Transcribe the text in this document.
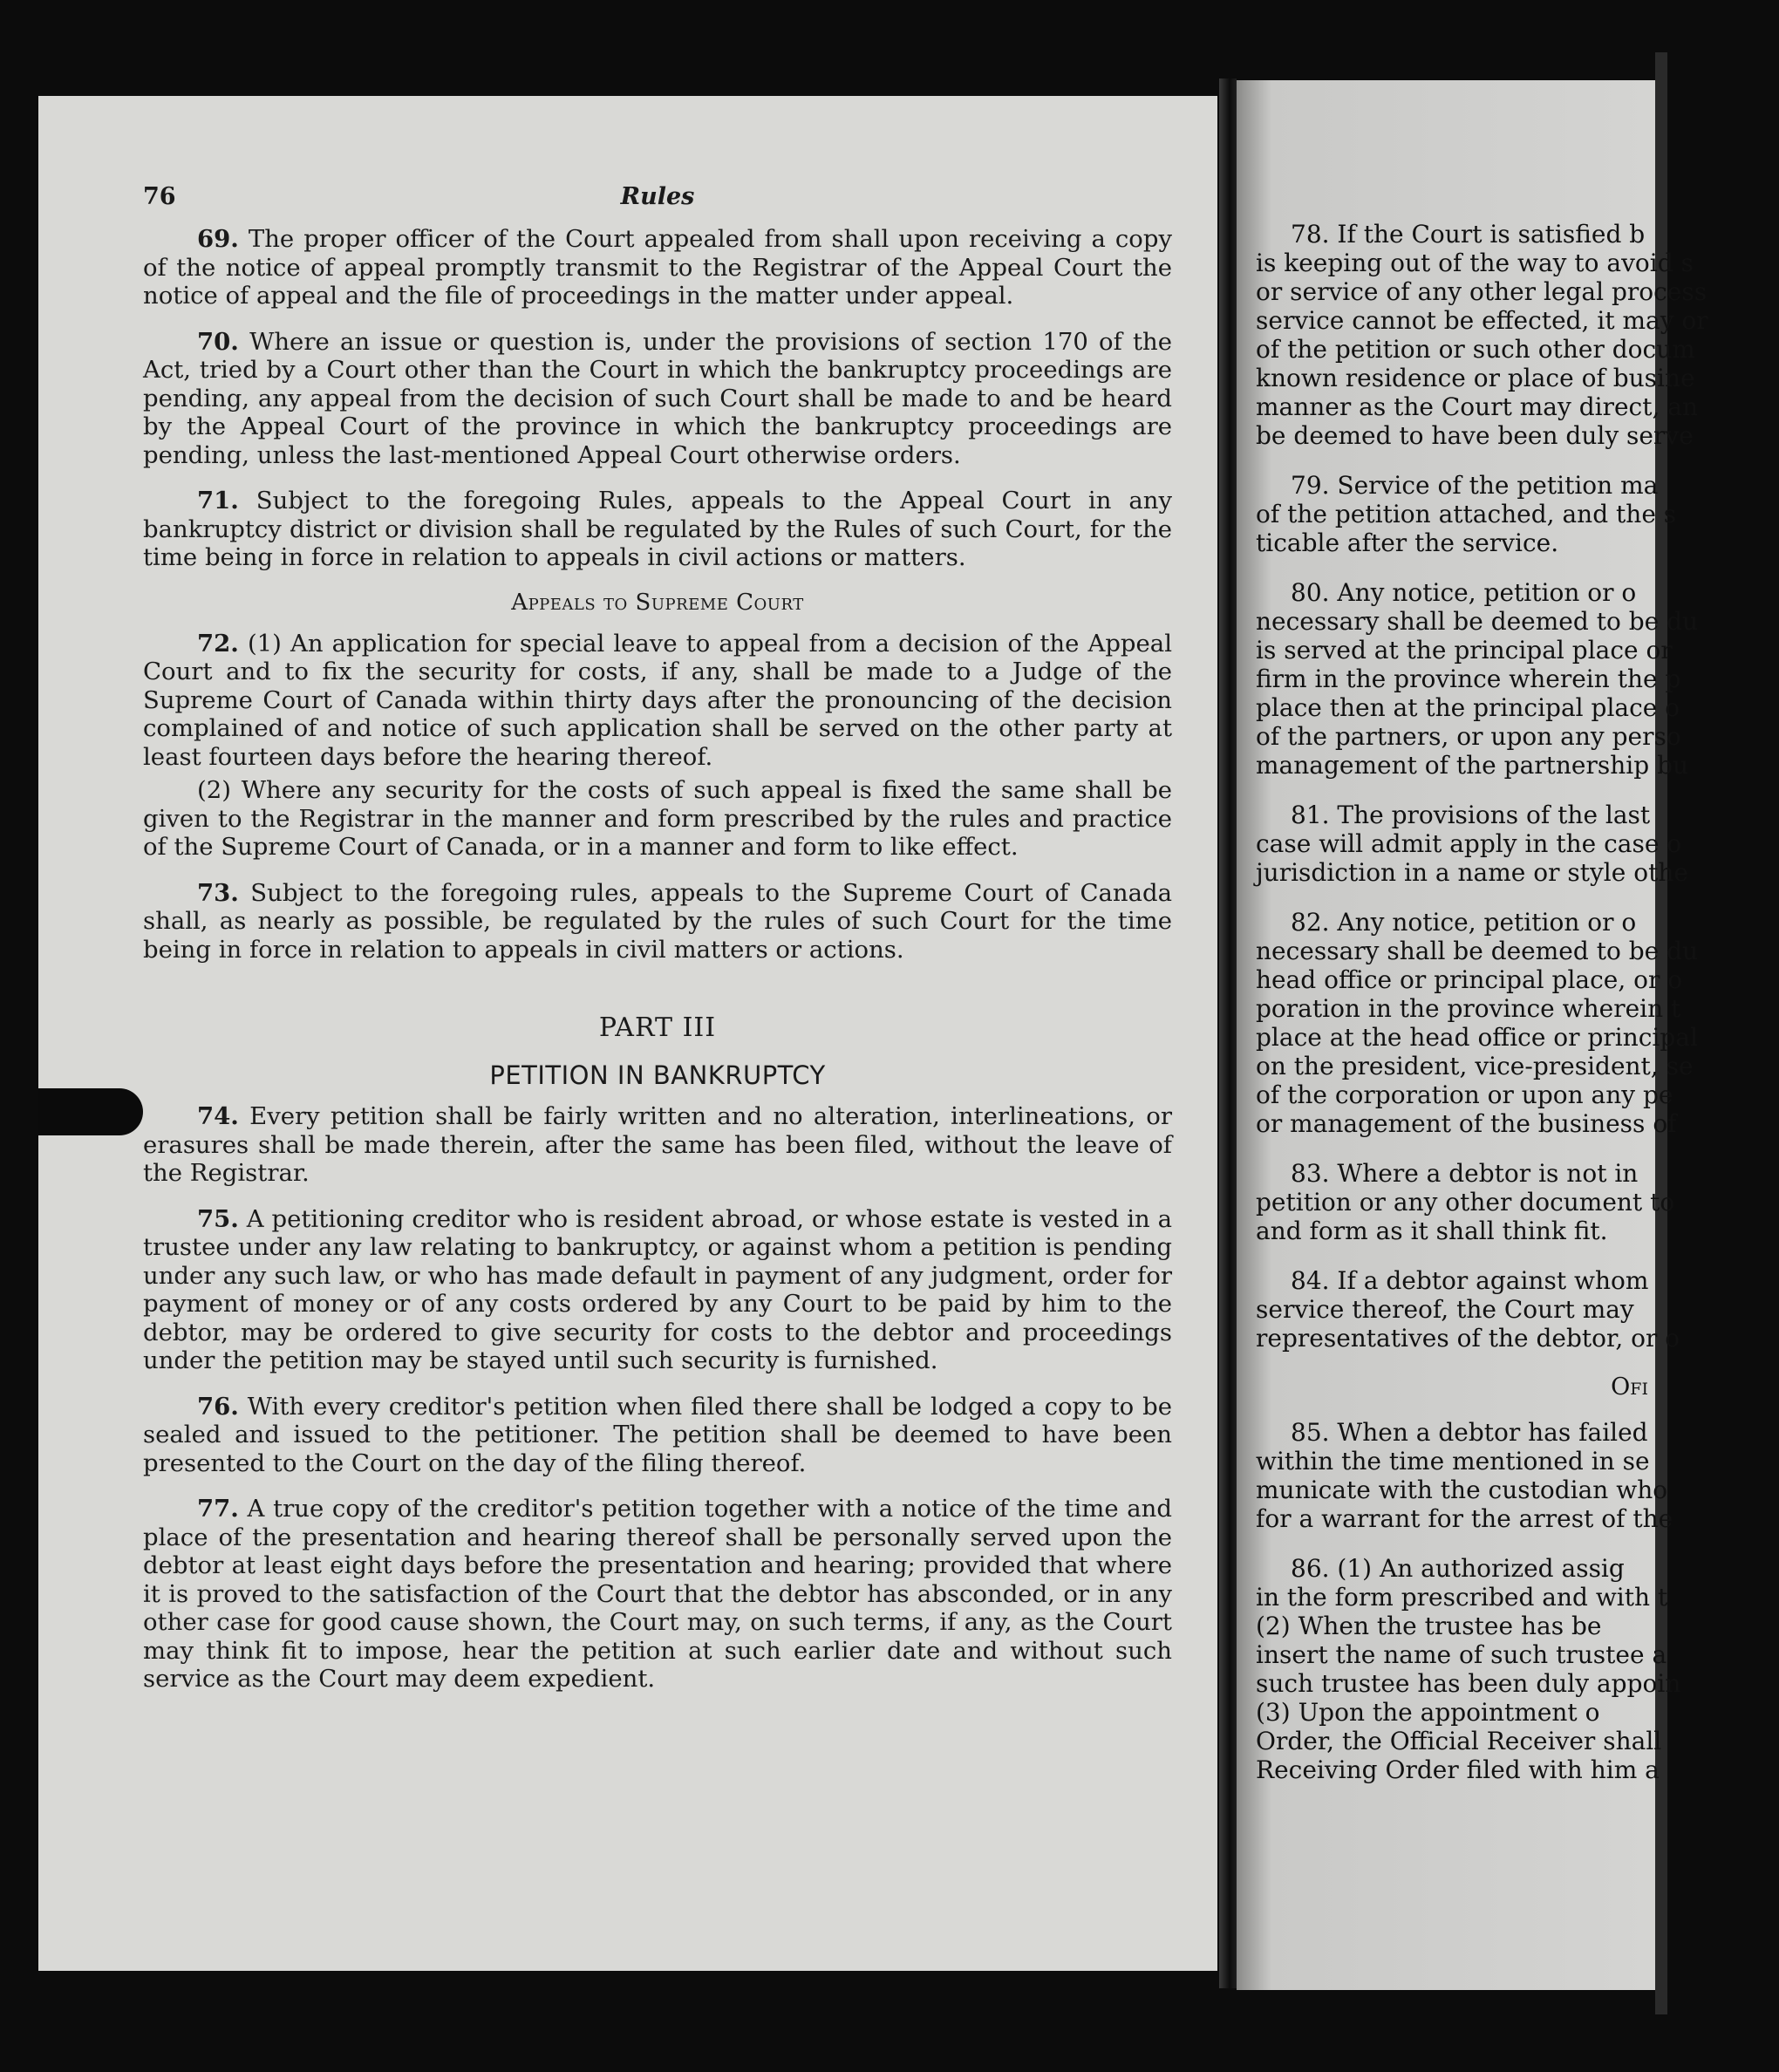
76	Rules

69. The proper officer of the Court appealed from shall upon receiving a copy of the notice of appeal promptly transmit to the Registrar of the Appeal Court the notice of appeal and the file of proceedings in the matter under appeal.

70. Where an issue or question is, under the provisions of section 170 of the Act, tried by a Court other than the Court in which the bankruptcy proceedings are pending, any appeal from the decision of such Court shall be made to and be heard by the Appeal Court of the province in which the bankruptcy proceedings are pending, unless the last-mentioned Appeal Court otherwise orders.

71. Subject to the foregoing Rules, appeals to the Appeal Court in any bankruptcy district or division shall be regulated by the Rules of such Court, for the time being in force in relation to appeals in civil actions or matters.

Appeals to Supreme Court

72. (1) An application for special leave to appeal from a decision of the Appeal Court and to fix the security for costs, if any, shall be made to a Judge of the Supreme Court of Canada within thirty days after the pronouncing of the decision complained of and notice of such application shall be served on the other party at least fourteen days before the hearing thereof.

(2) Where any security for the costs of such appeal is fixed the same shall be given to the Registrar in the manner and form prescribed by the rules and practice of the Supreme Court of Canada, or in a manner and form to like effect.

73. Subject to the foregoing rules, appeals to the Supreme Court of Canada shall, as nearly as possible, be regulated by the rules of such Court for the time being in force in relation to appeals in civil matters or actions.

PART III
PETITION IN BANKRUPTCY

74. Every petition shall be fairly written and no alteration, interlineations, or erasures shall be made therein, after the same has been filed, without the leave of the Registrar.

75. A petitioning creditor who is resident abroad, or whose estate is vested in a trustee under any law relating to bankruptcy, or against whom a petition is pending under any such law, or who has made default in payment of any judgment, order for payment of money or of any costs ordered by any Court to be paid by him to the debtor, may be ordered to give security for costs to the debtor and proceedings under the petition may be stayed until such security is furnished.

76. With every creditor's petition when filed there shall be lodged a copy to be sealed and issued to the petitioner. The petition shall be deemed to have been presented to the Court on the day of the filing thereof.

77. A true copy of the creditor's petition together with a notice of the time and place of the presentation and hearing thereof shall be personally served upon the debtor at least eight days before the presentation and hearing; provided that where it is proved to the satisfaction of the Court that the debtor has absconded, or in any other case for good cause shown, the Court may, on such terms, if any, as the Court may think fit to impose, hear the petition at such earlier date and without such service as the Court may deem expedient.

78. If the Court is satisfied b
is keeping out of the way to avoid s
or service of any other legal process
service cannot be effected, it may or
of the petition or such other docum
known residence or place of busine
manner as the Court may direct, an
be deemed to have been duly serve
79. Service of the petition ma
of the petition attached, and the s
ticable after the service.
80. Any notice, petition or o
necessary shall be deemed to be du
is served at the principal place or
firm in the province wherein the p
place then at the principal place o
of the partners, or upon any perso
management of the partnership bu
81. The provisions of the last
case will admit apply in the case o
jurisdiction in a name or style othe
82. Any notice, petition or o
necessary shall be deemed to be du
head office or principal place, or o
poration in the province wherein t
place at the head office or principal
on the president, vice-president, se
of the corporation or upon any pe
or management of the business of
83. Where a debtor is not in
petition or any other document to
and form as it shall think fit.
84. If a debtor against whom
service thereof, the Court may
representatives of the debtor, or o
Ofi
85. When a debtor has failed
within the time mentioned in se
municate with the custodian who
for a warrant for the arrest of the
86. (1) An authorized assig
in the form prescribed and with t
(2) When the trustee has be
insert the name of such trustee a
such trustee has been duly appoin
(3) Upon the appointment o
Order, the Official Receiver shall
Receiving Order filed with him a
